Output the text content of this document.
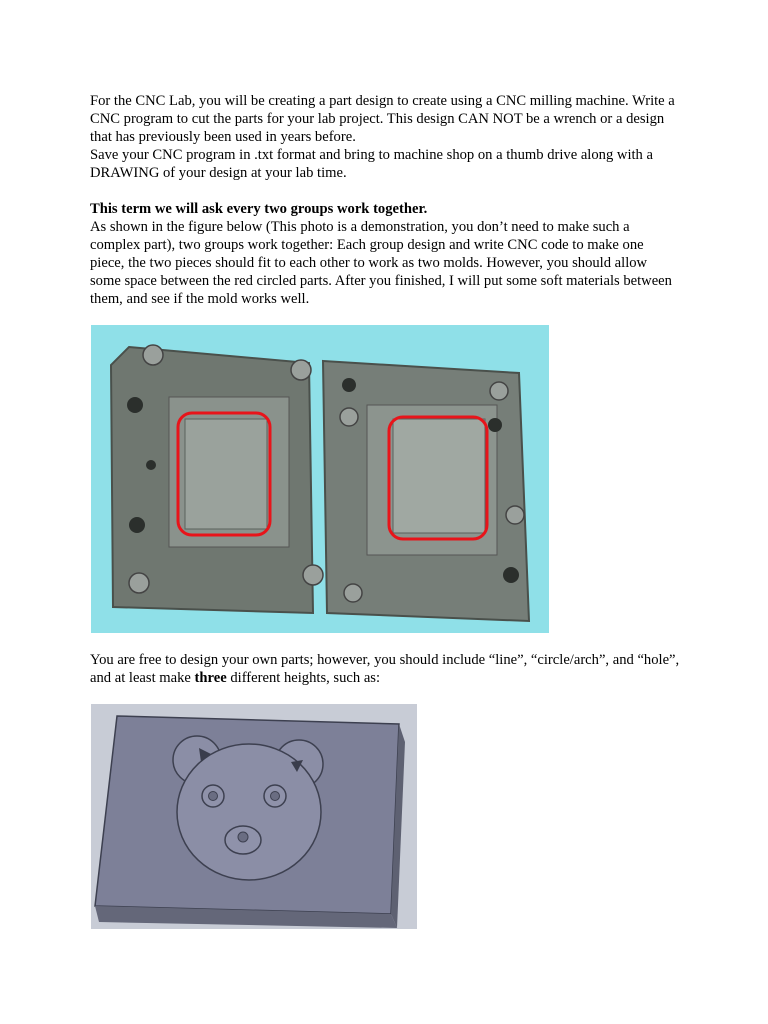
For the CNC Lab, you will be creating a part design to create using a CNC milling machine. Write a CNC program to cut the parts for your lab project. This design CAN NOT be a wrench or a design that has previously been used in years before.

Save your CNC program in .txt format and bring to machine shop on a thumb drive along with a DRAWING of your design at your lab time.

This term we will ask every two groups work together.

As shown in the figure below (This photo is a demonstration, you don’t need to make such a complex part), two groups work together: Each group design and write CNC code to make one piece, the two pieces should fit to each other to work as two molds. However, you should allow some space between the red circled parts. After you finished, I will put some soft materials between them, and see if the mold works well.

You are free to design your own parts; however, you should include “line”, “circle/arch”, and “hole”, and at least make three different heights, such as:
